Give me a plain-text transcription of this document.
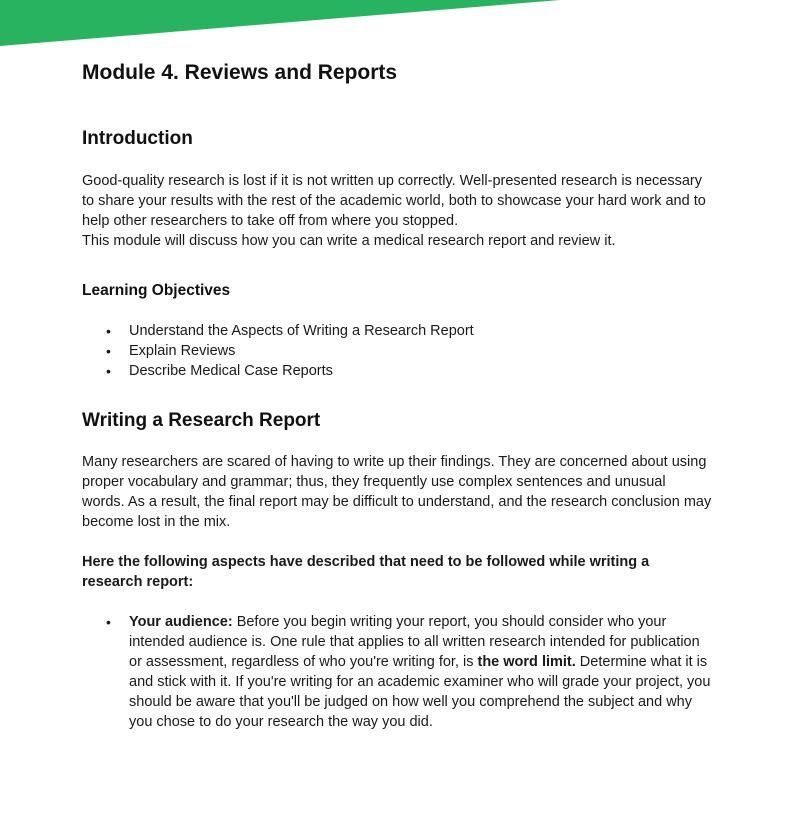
Module 4. Reviews and Reports
Introduction

Good-quality research is lost if it is not written up correctly. Well-presented research is necessary to share your results with the rest of the academic world, both to showcase your hard work and to help other researchers to take off from where you stopped.

This module will discuss how you can write a medical research report and review it.

Learning Objectives
• Understand the Aspects of Writing a Research Report
• Explain Reviews
• Describe Medical Case Reports
Writing a Research Report

Many researchers are scared of having to write up their findings. They are concerned about using proper vocabulary and grammar; thus, they frequently use complex sentences and unusual words. As a result, the final report may be difficult to understand, and the research conclusion may become lost in the mix.

Here the following aspects have described that need to be followed while writing a research report:

• Your audience: Before you begin writing your report, you should consider who your intended audience is. One rule that applies to all written research intended for publication or assessment, regardless of who you're writing for, is the word limit. Determine what it is and stick with it. If you're writing for an academic examiner who will grade your project, you should be aware that you'll be judged on how well you comprehend the subject and why you chose to do your research the way you did.
